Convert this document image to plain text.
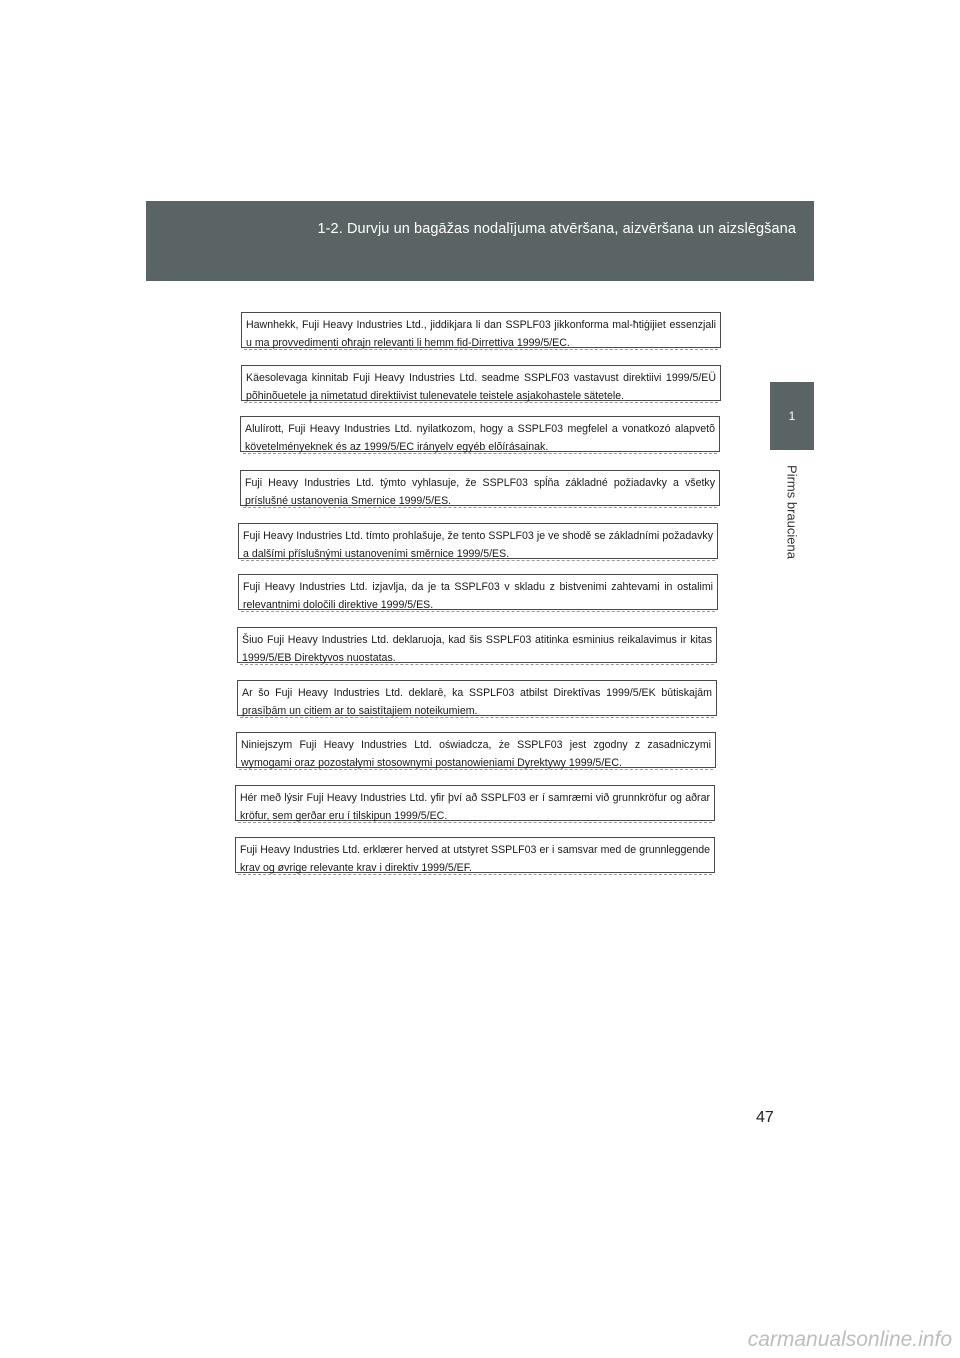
1-2. Durvju un bagāžas nodalījuma atvēršana, aizvēršana un aizslēgšana
1
Pirms brauciena
Hawnhekk, Fuji Heavy Industries Ltd., jiddikjara li dan SSPLF03 jikkonforma mal-ħtiġijiet essenzjali u ma provvedimenti oħrajn relevanti li hemm fid-Dirrettiva 1999/5/EC.
Käesolevaga kinnitab Fuji Heavy Industries Ltd. seadme SSPLF03 vastavust direktiivi 1999/5/EÜ põhinõuetele ja nimetatud direktiivist tulenevatele teistele asjakohastele sätetele.
Alulírott, Fuji Heavy Industries Ltd. nyilatkozom, hogy a SSPLF03 megfelel a vonatkozó alapvetõ követelményeknek és az 1999/5/EC irányelv egyéb elõírásainak.
Fuji Heavy Industries Ltd. týmto vyhlasuje, že SSPLF03 spĺňa základné požiadavky a všetky príslušné ustanovenia Smernice 1999/5/ES.
Fuji Heavy Industries Ltd. tímto prohlašuje, že tento SSPLF03 je ve shodě se základními požadavky a dalšími příslušnými ustanoveními směrnice 1999/5/ES.
Fuji Heavy Industries Ltd. izjavlja, da je ta SSPLF03 v skladu z bistvenimi zahtevami in ostalimi relevantnimi določili direktive 1999/5/ES.
Šiuo Fuji Heavy Industries Ltd. deklaruoja, kad šis SSPLF03 atitinka esminius reikalavimus ir kitas 1999/5/EB Direktyvos nuostatas.
Ar šo Fuji Heavy Industries Ltd. deklarē, ka SSPLF03 atbilst Direktīvas 1999/5/EK būtiskajām prasībām un citiem ar to saistītajiem noteikumiem.
Niniejszym Fuji Heavy Industries Ltd. oświadcza, że SSPLF03 jest zgodny z zasadniczymi wymogami oraz pozostałymi stosownymi postanowieniami Dyrektywy 1999/5/EC.
Hér með lýsir Fuji Heavy Industries Ltd. yfir því að SSPLF03 er í samræmi við grunnkröfur og aðrar kröfur, sem gerðar eru í tilskipun 1999/5/EC.
Fuji Heavy Industries Ltd. erklærer herved at utstyret SSPLF03 er i samsvar med de grunnleggende krav og øvrige relevante krav i direktiv 1999/5/EF.
47
carmanualsonline.info
